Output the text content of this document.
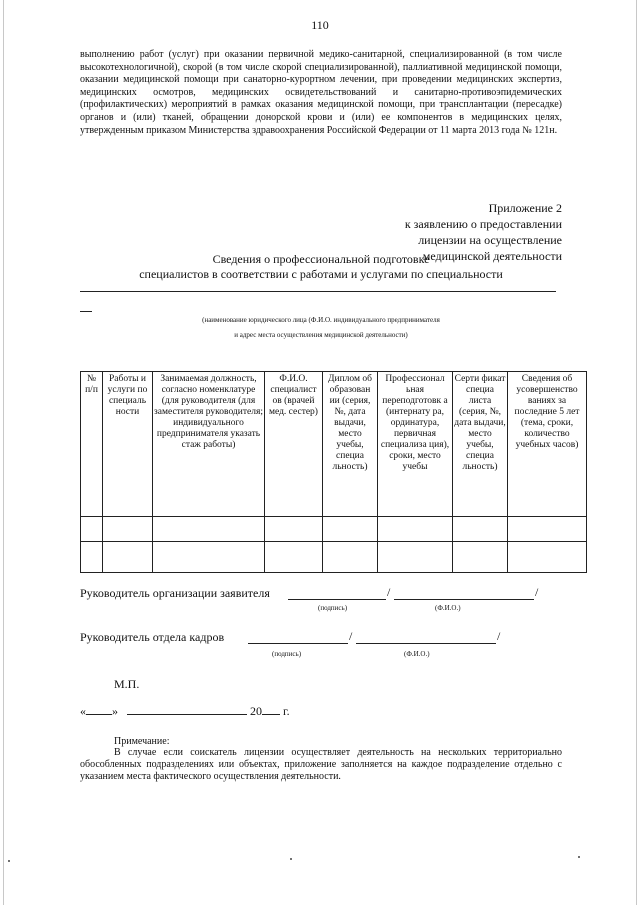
110
выполнению работ (услуг) при оказании первичной медико-санитарной, специализированной (в том числе высокотехнологичной), скорой (в том числе скорой специализированной), паллиативной медицинской помощи, оказании медицинской помощи при санаторно-курортном лечении, при проведении медицинских экспертиз, медицинских осмотров, медицинских освидетельствований и санитарно-противоэпидемических (профилактических) мероприятий в рамках оказания медицинской помощи, при трансплантации (пересадке) органов и (или) тканей, обращении донорской крови и (или) ее компонентов в медицинских целях, утвержденным приказом Министерства здравоохранения Российской Федерации от 11 марта 2013 года № 121н.
Приложение 2
к заявлению о предоставлении
лицензии на осуществление
медицинской деятельности
Сведения о профессиональной подготовке
специалистов в соответствии с работами и услугами по специальности
(наименование юридического лица (Ф.И.О. индивидуального предпринимателя
и адрес места осуществления медицинской деятельности)
№ п/п	Работы и услуги по специаль ности	Занимаемая должность, согласно номенклатуре (для руководителя (для заместителя руководителя; индивидуального предпринимателя указать стаж работы)	Ф.И.О. специалист ов (врачей мед. сестер)	Диплом об образован ии (серия, №, дата выдачи, место учебы, специа льность)	Профессионал ьная переподготовк а (интернату ра, ординатура, первичная специализа ция), сроки, место учебы	Серти фикат специа листа (серия, №, дата выдачи, место учебы, специа льность)	Сведения об усовершенство ваниях за последние 5 лет (тема, сроки, количество учебных часов)

Руководитель организации заявителя	/	/
(подпись)	(Ф.И.О.)
Руководитель отдела кадров	/	/
(подпись)	(Ф.И.О.)
М.П.
« »	20 г.
Примечание:
В случае если соискатель лицензии осуществляет деятельность на нескольких территориально обособленных подразделениях или объектах, приложение заполняется на каждое подразделение отдельно с указанием места фактического осуществления деятельности.
